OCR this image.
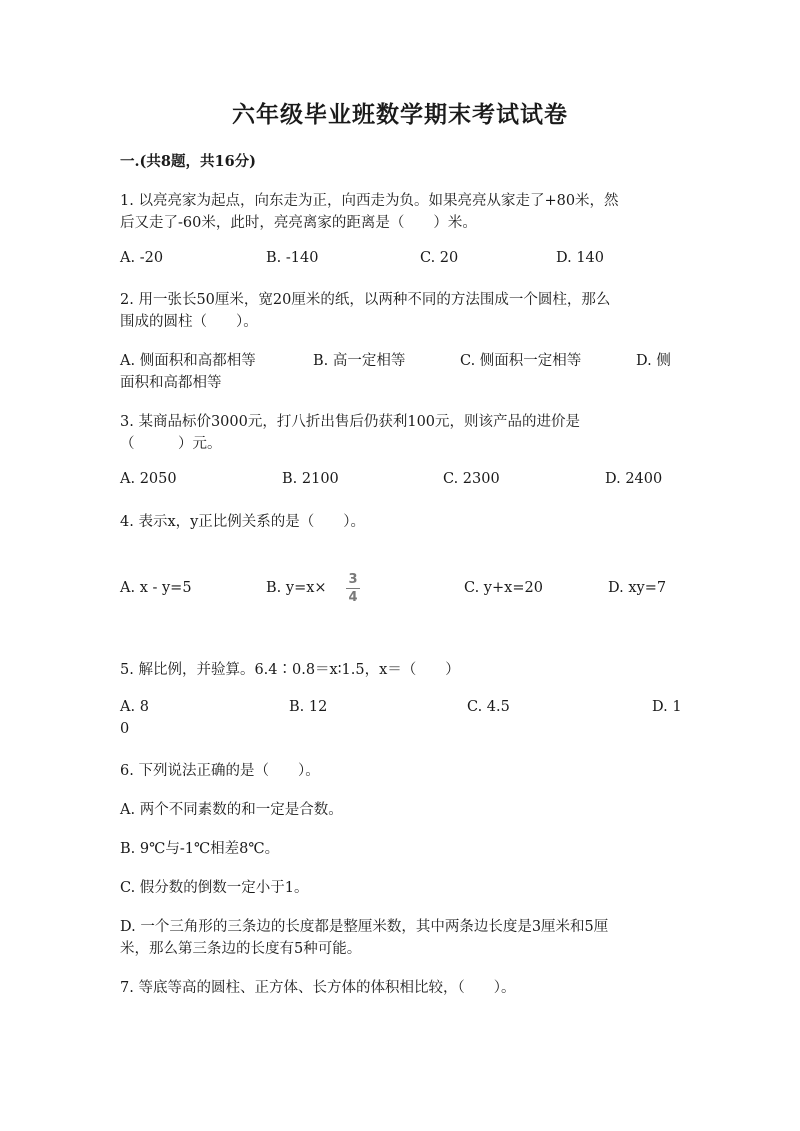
六年级毕业班数学期末考试试卷
一.(共8题，共16分)
1. 以亮亮家为起点，向东走为正，向西走为负。如果亮亮从家走了+80米，然
后又走了-60米，此时，亮亮离家的距离是（　　）米。
A. -20	B. -140	C. 20	D. 140
2. 用一张长50厘米，宽20厘米的纸，以两种不同的方法围成一个圆柱，那么
围成的圆柱（　　）。
A. 侧面积和高都相等	B. 高一定相等	C. 侧面积一定相等	D. 侧
面积和高都相等
3. 某商品标价3000元，打八折出售后仍获利100元，则该产品的进价是
（　　　）元。
A. 2050	B. 2100	C. 2300	D. 2400
4. 表示x，y正比例关系的是（　　）。
A. x - y=5	B. y=x×
3
4
C. y+x=20	D. xy=7
5. 解比例，并验算。6.4∶0.8＝x∶1.5，x＝（　　）
A. 8	B. 12	C. 4.5	D. 1
0
6. 下列说法正确的是（　　）。
A. 两个不同素数的和一定是合数。
B. 9℃与-1℃相差8℃。
C. 假分数的倒数一定小于1。
D. 一个三角形的三条边的长度都是整厘米数，其中两条边长度是3厘米和5厘
米，那么第三条边的长度有5种可能。
7. 等底等高的圆柱、正方体、长方体的体积相比较，（　　）。
